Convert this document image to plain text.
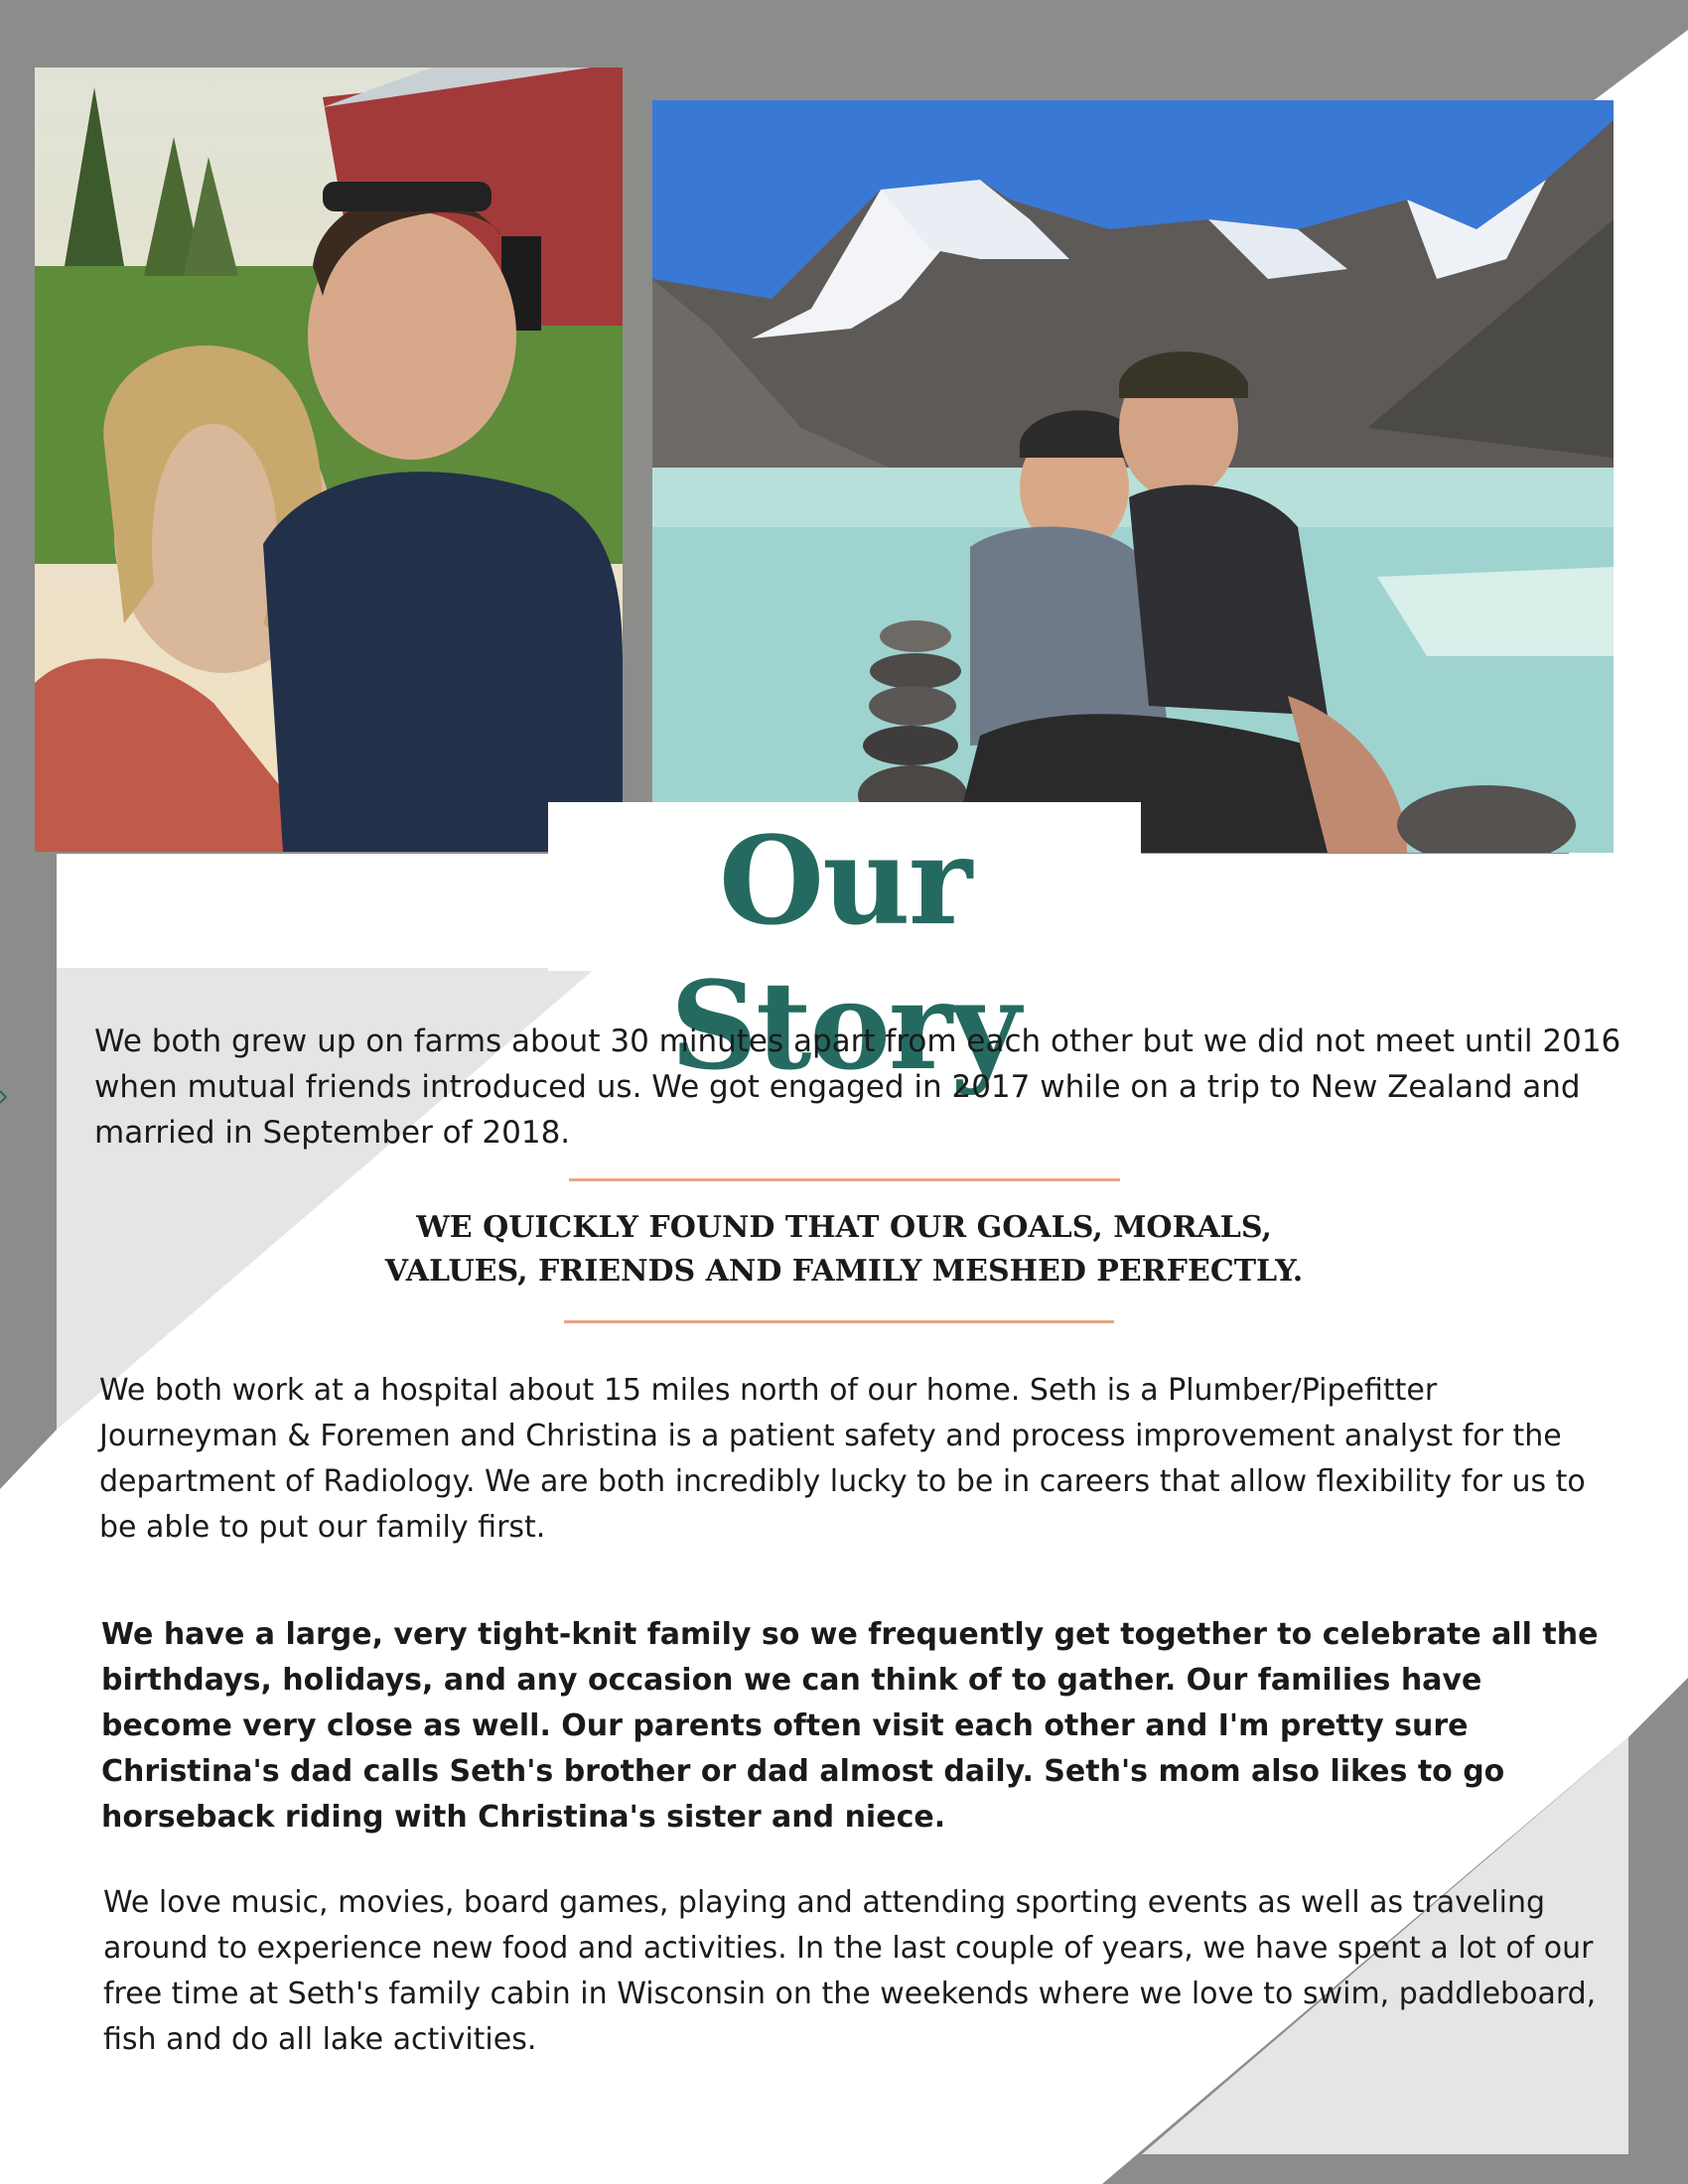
Our Story

We both grew up on farms about 30 minutes apart from each other but we did not meet until 2016 when mutual friends introduced us. We got engaged in 2017 while on a trip to New Zealand and married in September of 2018.

WE QUICKLY FOUND THAT OUR GOALS, MORALS,
VALUES, FRIENDS AND FAMILY MESHED PERFECTLY.

We both work at a hospital about 15 miles north of our home. Seth is a Plumber/Pipefitter Journeyman & Foremen and Christina is a patient safety and process improvement analyst for the department of Radiology. We are both incredibly lucky to be in careers that allow flexibility for us to be able to put our family first.

We have a large, very tight-knit family so we frequently get together to celebrate all the birthdays, holidays, and any occasion we can think of to gather. Our families have become very close as well. Our parents often visit each other and I'm pretty sure Christina's dad calls Seth's brother or dad almost daily. Seth's mom also likes to go horseback riding with Christina's sister and niece.

We love music, movies, board games, playing and attending sporting events as well as traveling around to experience new food and activities. In the last couple of years, we have spent a lot of our free time at Seth's family cabin in Wisconsin on the weekends where we love to swim, paddleboard, fish and do all lake activities.
